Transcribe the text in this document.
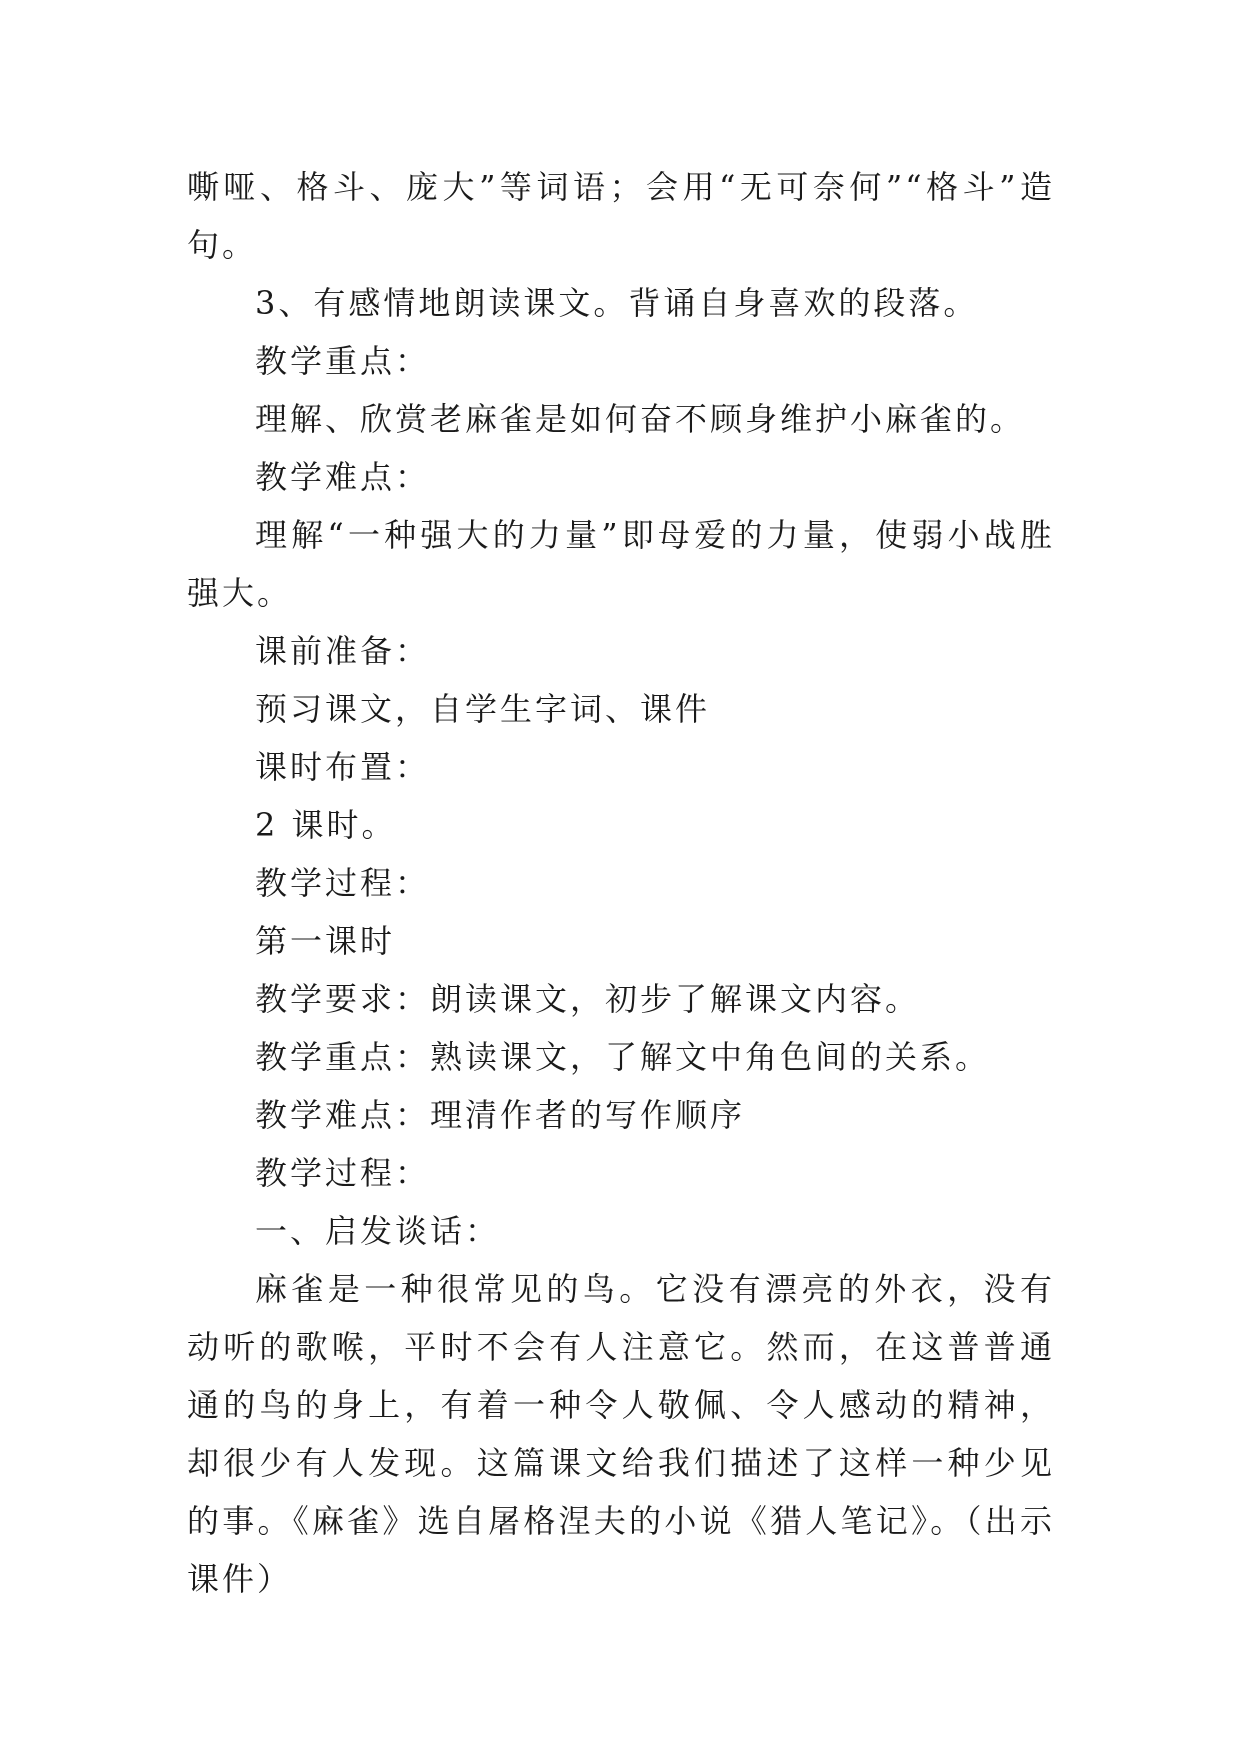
嘶哑、格斗、庞大”等词语；会用“无可奈何”“格斗”造句。

3、有感情地朗读课文。背诵自身喜欢的段落。

教学重点：

理解、欣赏老麻雀是如何奋不顾身维护小麻雀的。

教学难点：

理解“一种强大的力量”即母爱的力量，使弱小战胜强大。

课前准备：

预习课文，自学生字词、课件

课时布置：

2 课时。

教学过程：

第一课时

教学要求：朗读课文，初步了解课文内容。

教学重点：熟读课文，了解文中角色间的关系。

教学难点：理清作者的写作顺序

教学过程：

一、启发谈话：

麻雀是一种很常见的鸟。它没有漂亮的外衣，没有动听的歌喉，平时不会有人注意它。然而，在这普普通通的鸟的身上，有着一种令人敬佩、令人感动的精神，却很少有人发现。这篇课文给我们描述了这样一种少见的事。《麻雀》选自屠格涅夫的小说《猎人笔记》。（出示课件）
